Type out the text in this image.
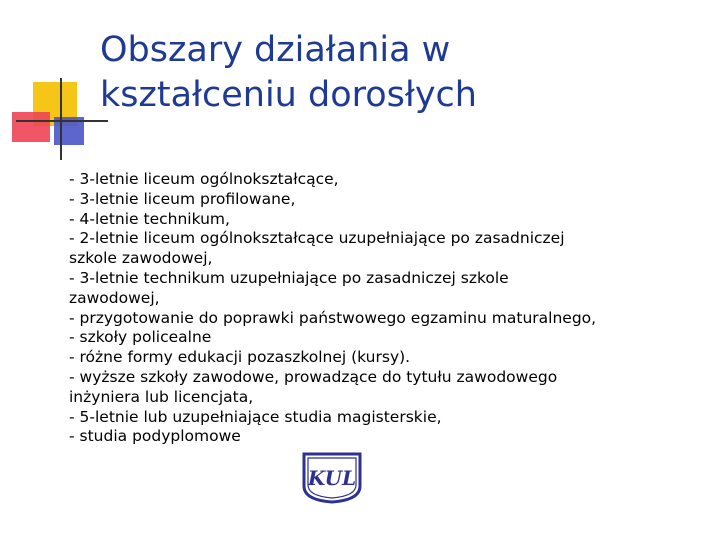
Obszary działania w
kształceniu dorosłych
- 3-letnie liceum ogólnokształcące,
- 3-letnie liceum profilowane,
- 4-letnie technikum,
- 2-letnie liceum ogólnokształcące uzupełniające po zasadniczej
szkole zawodowej,
- 3-letnie technikum uzupełniające po zasadniczej szkole
zawodowej,
- przygotowanie do poprawki państwowego egzaminu maturalnego,
- szkoły policealne
- różne formy edukacji pozaszkolnej (kursy).
- wyższe szkoły zawodowe, prowadzące do tytułu zawodowego
inżyniera lub licencjata,
- 5-letnie lub uzupełniające studia magisterskie,
- studia podyplomowe
KUL
